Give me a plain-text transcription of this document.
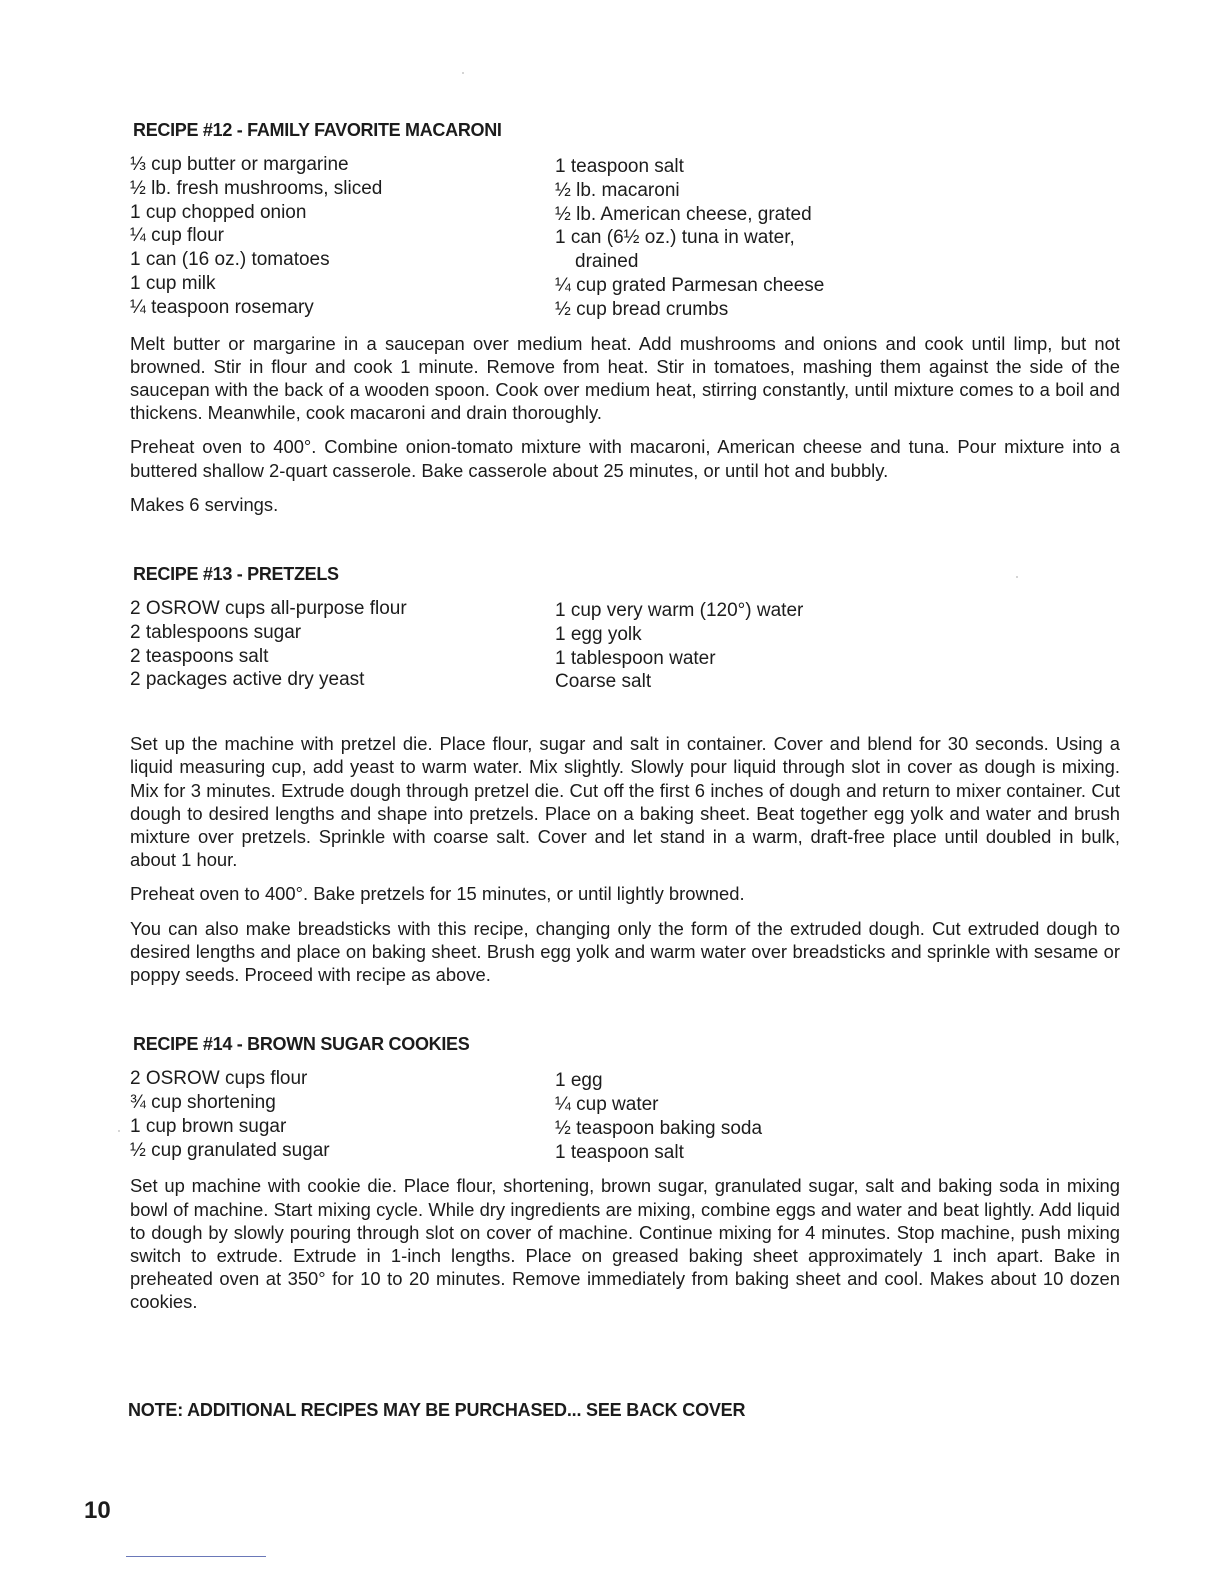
RECIPE #12 - FAMILY FAVORITE MACARONI
⅓ cup butter or margarine
½ lb. fresh mushrooms, sliced
1 cup chopped onion
¼ cup flour
1 can (16 oz.) tomatoes
1 cup milk
¼ teaspoon rosemary
1 teaspoon salt
½ lb. macaroni
½ lb. American cheese, grated
1 can (6½ oz.) tuna in water,
drained
¼ cup grated Parmesan cheese
½ cup bread crumbs

Melt butter or margarine in a saucepan over medium heat. Add mushrooms and onions and cook until limp, but not browned. Stir in flour and cook 1 minute. Remove from heat. Stir in tomatoes, mashing them against the side of the saucepan with the back of a wooden spoon. Cook over medium heat, stirring constantly, until mixture comes to a boil and thickens. Meanwhile, cook macaroni and drain thoroughly.

Preheat oven to 400°. Combine onion-tomato mixture with macaroni, American cheese and tuna. Pour mixture into a buttered shallow 2-quart casserole. Bake casserole about 25 minutes, or until hot and bubbly.

Makes 6 servings.

RECIPE #13 - PRETZELS
2 OSROW cups all-purpose flour
2 tablespoons sugar
2 teaspoons salt
2 packages active dry yeast
1 cup very warm (120°) water
1 egg yolk
1 tablespoon water
Coarse salt

Set up the machine with pretzel die. Place flour, sugar and salt in container. Cover and blend for 30 seconds. Using a liquid measuring cup, add yeast to warm water. Mix slightly. Slowly pour liquid through slot in cover as dough is mixing. Mix for 3 minutes. Extrude dough through pretzel die. Cut off the first 6 inches of dough and return to mixer container. Cut dough to desired lengths and shape into pretzels. Place on a baking sheet. Beat together egg yolk and water and brush mixture over pretzels. Sprinkle with coarse salt. Cover and let stand in a warm, draft-free place until doubled in bulk, about 1 hour.

Preheat oven to 400°. Bake pretzels for 15 minutes, or until lightly browned.

You can also make breadsticks with this recipe, changing only the form of the extruded dough. Cut extruded dough to desired lengths and place on baking sheet. Brush egg yolk and warm water over breadsticks and sprinkle with sesame or poppy seeds. Proceed with recipe as above.

RECIPE #14 - BROWN SUGAR COOKIES
2 OSROW cups flour
¾ cup shortening
1 cup brown sugar
½ cup granulated sugar
1 egg
¼ cup water
½ teaspoon baking soda
1 teaspoon salt

Set up machine with cookie die. Place flour, shortening, brown sugar, granulated sugar, salt and baking soda in mixing bowl of machine. Start mixing cycle. While dry ingredients are mixing, combine eggs and water and beat lightly. Add liquid to dough by slowly pouring through slot on cover of machine. Continue mixing for 4 minutes. Stop machine, push mixing switch to extrude. Extrude in 1-inch lengths. Place on greased baking sheet approximately 1 inch apart. Bake in preheated oven at 350° for 10 to 20 minutes. Remove immediately from baking sheet and cool. Makes about 10 dozen cookies.

NOTE: ADDITIONAL RECIPES MAY BE PURCHASED... SEE BACK COVER
10
